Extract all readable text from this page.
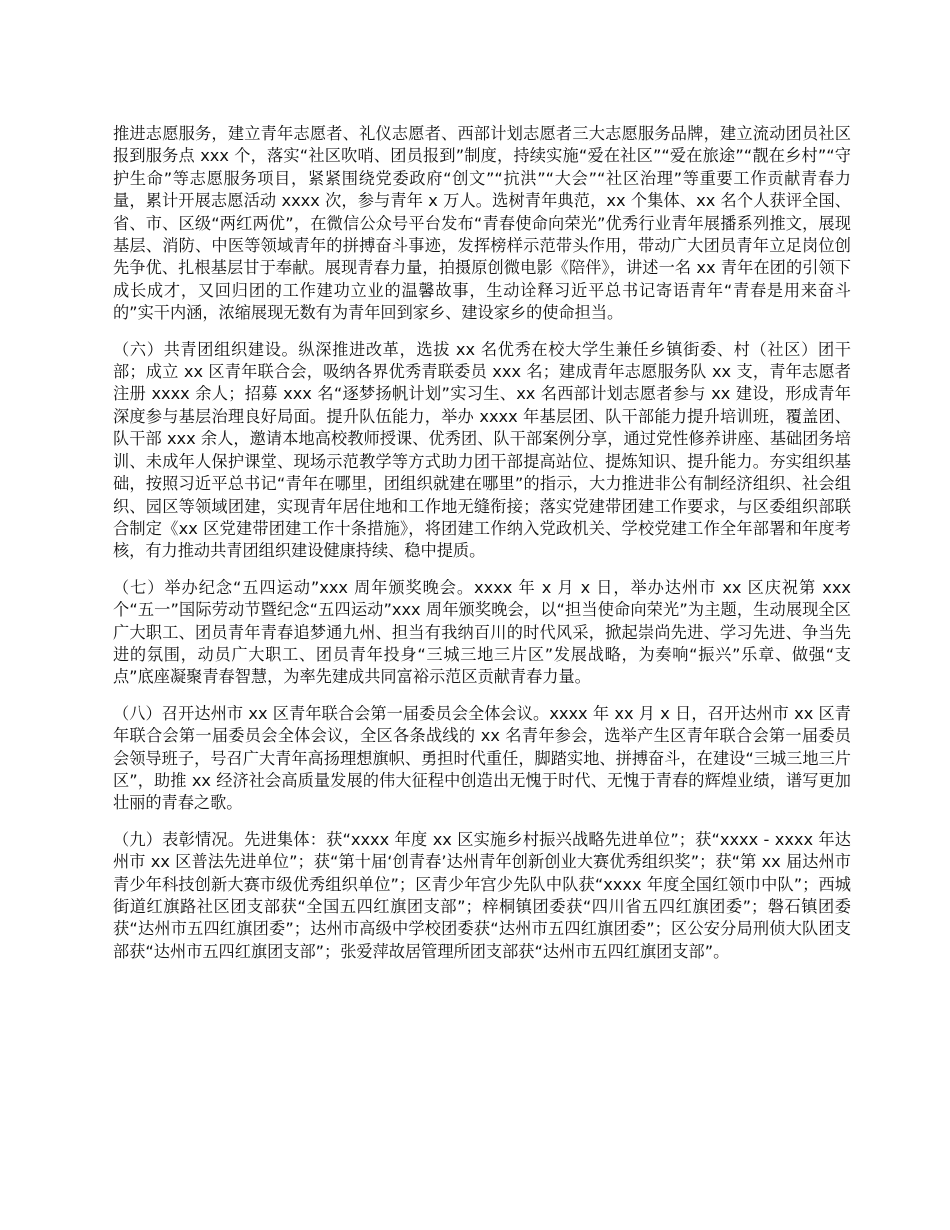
推进志愿服务，建立青年志愿者、礼仪志愿者、西部计划志愿者三大志愿服务品牌，建立流动团员社区报到服务点 xxx 个，落实“社区吹哨、团员报到”制度，持续实施“爱在社区”“爱在旅途”“靓在乡村”“守护生命”等志愿服务项目，紧紧围绕党委政府“创文”“抗洪”“大会”“社区治理”等重要工作贡献青春力量，累计开展志愿活动 xxxx 次，参与青年 x 万人。选树青年典范，xx 个集体、xx 名个人获评全国、省、市、区级“两红两优”，在微信公众号平台发布“青春使命向荣光”优秀行业青年展播系列推文，展现基层、消防、中医等领域青年的拼搏奋斗事迹，发挥榜样示范带头作用，带动广大团员青年立足岗位创先争优、扎根基层甘于奉献。展现青春力量，拍摄原创微电影《陪伴》，讲述一名 xx 青年在团的引领下成长成才，又回归团的工作建功立业的温馨故事，生动诠释习近平总书记寄语青年“青春是用来奋斗的”实干内涵，浓缩展现无数有为青年回到家乡、建设家乡的使命担当。

（六）共青团组织建设。纵深推进改革，选拔 xx 名优秀在校大学生兼任乡镇街委、村（社区）团干部；成立 xx 区青年联合会，吸纳各界优秀青联委员 xxx 名；建成青年志愿服务队 xx 支，青年志愿者注册 xxxx 余人；招募 xxx 名“逐梦扬帆计划”实习生、xx 名西部计划志愿者参与 xx 建设，形成青年深度参与基层治理良好局面。提升队伍能力，举办 xxxx 年基层团、队干部能力提升培训班，覆盖团、队干部 xxx 余人，邀请本地高校教师授课、优秀团、队干部案例分享，通过党性修养讲座、基础团务培训、未成年人保护课堂、现场示范教学等方式助力团干部提高站位、提炼知识、提升能力。夯实组织基础，按照习近平总书记“青年在哪里，团组织就建在哪里”的指示，大力推进非公有制经济组织、社会组织、园区等领域团建，实现青年居住地和工作地无缝衔接；落实党建带团建工作要求，与区委组织部联合制定《xx 区党建带团建工作十条措施》，将团建工作纳入党政机关、学校党建工作全年部署和年度考核，有力推动共青团组织建设健康持续、稳中提质。

（七）举办纪念“五四运动”xxx 周年颁奖晚会。xxxx 年 x 月 x 日，举办达州市 xx 区庆祝第 xxx 个“五一”国际劳动节暨纪念“五四运动”xxx 周年颁奖晚会，以“担当使命向荣光”为主题，生动展现全区广大职工、团员青年青春追梦通九州、担当有我纳百川的时代风采，掀起崇尚先进、学习先进、争当先进的氛围，动员广大职工、团员青年投身“三城三地三片区”发展战略，为奏响“振兴”乐章、做强“支点”底座凝聚青春智慧，为率先建成共同富裕示范区贡献青春力量。

（八）召开达州市 xx 区青年联合会第一届委员会全体会议。xxxx 年 xx 月 x 日，召开达州市 xx 区青年联合会第一届委员会全体会议，全区各条战线的 xx 名青年参会，选举产生区青年联合会第一届委员会领导班子，号召广大青年高扬理想旗帜、勇担时代重任，脚踏实地、拼搏奋斗，在建设“三城三地三片区”，助推 xx 经济社会高质量发展的伟大征程中创造出无愧于时代、无愧于青春的辉煌业绩，谱写更加壮丽的青春之歌。

（九）表彰情况。先进集体：获“xxxx 年度 xx 区实施乡村振兴战略先进单位”；获“xxxx - xxxx 年达州市 xx 区普法先进单位”；获“第十届‘创青春’达州青年创新创业大赛优秀组织奖”；获“第 xx 届达州市青少年科技创新大赛市级优秀组织单位”；区青少年宫少先队中队获“xxxx 年度全国红领巾中队”；西城街道红旗路社区团支部获“全国五四红旗团支部”；梓桐镇团委获“四川省五四红旗团委”；磐石镇团委获“达州市五四红旗团委”；达州市高级中学校团委获“达州市五四红旗团委”；区公安分局刑侦大队团支部获“达州市五四红旗团支部”；张爱萍故居管理所团支部获“达州市五四红旗团支部”。
